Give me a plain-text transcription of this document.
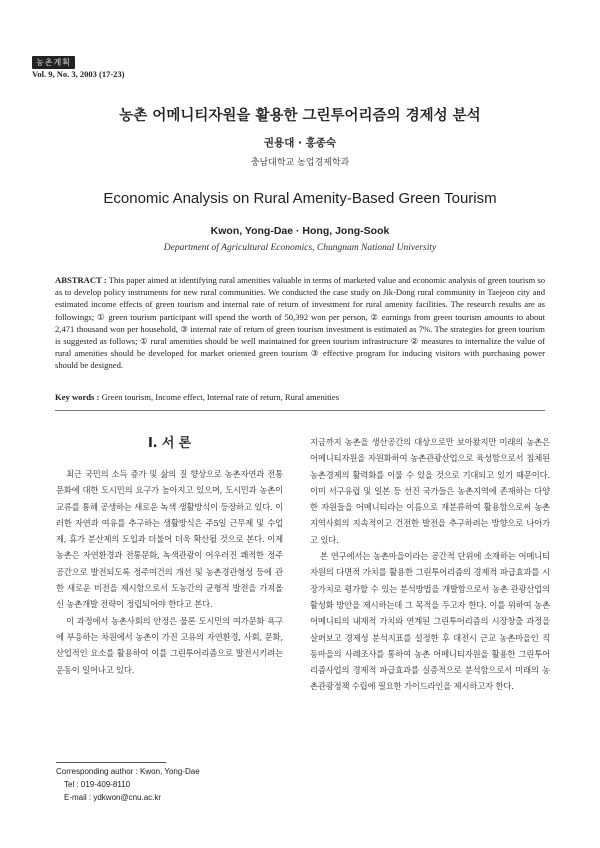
농촌계획
Vol. 9, No. 3, 2003 (17-23)
농촌 어메니티자원을 활용한 그린투어리즘의 경제성 분석
권용대 · 홍종숙
충남대학교 농업경제학과
Economic Analysis on Rural Amenity-Based Green Tourism
Kwon, Yong-Dae · Hong, Jong-Sook
Department of Agricultural Economics, Chungnam National University
ABSTRACT : This paper aimed at identifying rural amenities valuable in terms of marketed value and economic analysis of green tourism so as to develop policy instruments for new rural communities. We conducted the case study on Jik-Dong rural community in Taejeon city and estimated income effects of green tourism and internal rate of return of investment for rural amenity facilities. The research results are as followings; ① green tourism participant will spend the worth of 50,392 won per person, ② earnings from green tourism amounts to about 2,471 thousand won per household, ③ internal rate of return of green tourism investment is estimated as 7%. The strategies for green tourism is suggested as follows; ① rural amenities should be well maintained for green tourism infrastructure ② measures to internalize the value of rural amenities should be developed for market oriented green tourism ③ effective program for inducing visitors with purchasing power should be designed.
Key words : Green tourism, Income effect, Internal rate of return, Rural amenities
Ⅰ. 서 론

최근 국민의 소득 증가 및 삶의 질 향상으로 농촌자연과 전통문화에 대한 도시민의 요구가 높아지고 있으며, 도시민과 농촌이 교류를 통해 공생하는 새로운 녹색 생활방식이 등장하고 있다. 이러한 자연과 여유를 추구하는 생활방식은 주5일 근무제 및 수업제, 휴가 분산제의 도입과 더불어 더욱 확산될 것으로 본다. 이제 농촌은 자연환경과 전통문화, 녹색관광이 어우러진 쾌적한 정주공간으로 발전되도록 정주여건의 개선 및 농촌경관형성 등에 관한 새로운 비전을 제시함으로서 도농간의 균형적 발전을 가져올 신 농촌개발 전략이 정립되어야 한다고 본다.

이 과정에서 농촌사회의 안정은 물론 도시민의 여가문화 욕구에 부응하는 차원에서 농촌이 가진 고유의 자연환경, 사회, 문화, 산업적인 요소를 활용하여 이를 그린투어리즘으로 발전시키려는 운동이 일어나고 있다.

지금까지 농촌을 생산공간의 대상으로만 보아왔지만 미래의 농촌은 어메니티자원을 자원화하여 농촌관광산업으로 육성함으로서 침체된 농촌경제의 활력화를 이룰 수 있을 것으로 기대되고 있기 때문이다. 이미 서구유럽 및 일본 등 선진 국가들은 농촌지역에 존재하는 다양한 자원들을 어메니티라는 이름으로 재분류하여 활용함으로써 농촌지역사회의 지속적이고 건전한 발전을 추구하려는 방향으로 나아가고 있다.

본 연구에서는 농촌마을이라는 공간적 단위에 소재하는 어메니티자원의 다면적 가치를 활용한 그린투어리즘의 경제적 파급효과를 시장가치로 평가할 수 있는 분석방법을 개발함으로서 농촌 관광산업의 활성화 방안을 제시하는데 그 목적을 두고자 한다. 이를 위하여 농촌 어메니티의 내재적 가치와 연계된 그린투어리즘의 시장창출 과정을 살펴보고 경제성 분석지표를 설정한 후 대전시 근교 농촌마을인 직동마을의 사례조사를 통하여 농촌 어메니티자원을 활용한 그린투어리즘사업의 경제적 파급효과를 실증적으로 분석함으로서 미래의 농촌관광정책 수립에 필요한 가이드라인을 제시하고자 한다.

Corresponding author : Kwon, Yong-Dae
Tel : 019-409-8110
E-mail : ydkwon@cnu.ac.kr
